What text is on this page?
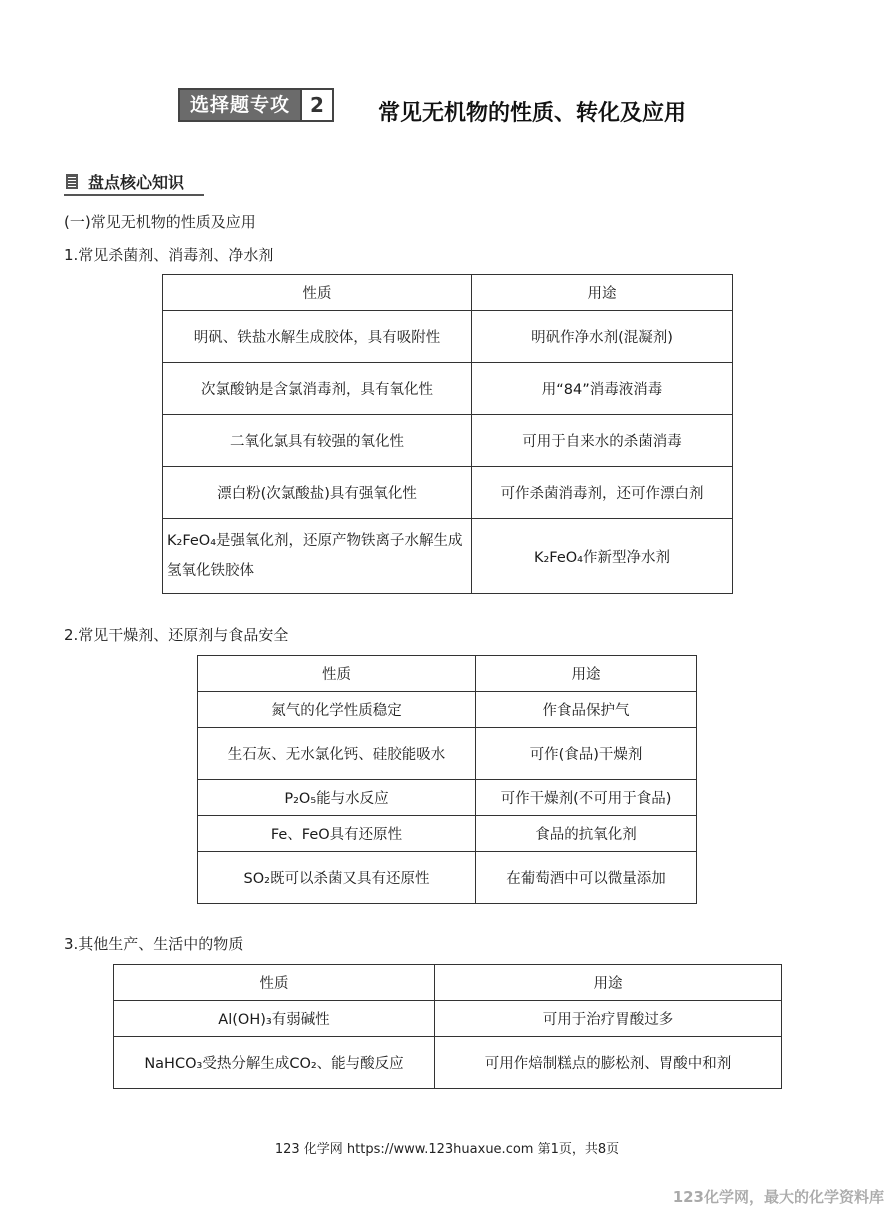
选择题专攻	2	常见无机物的性质、转化及应用
盘点核心知识
(一)常见无机物的性质及应用
1.常见杀菌剂、消毒剂、净水剂
性质	用途
明矾、铁盐水解生成胶体，具有吸附性	明矾作净水剂(混凝剂)
次氯酸钠是含氯消毒剂，具有氧化性	用“84”消毒液消毒
二氧化氯具有较强的氧化性	可用于自来水的杀菌消毒
漂白粉(次氯酸盐)具有强氧化性	可作杀菌消毒剂，还可作漂白剂
K₂FeO₄是强氧化剂，还原产物铁离子水解生成氢氧化铁胶体	K₂FeO₄作新型净水剂
2.常见干燥剂、还原剂与食品安全
性质	用途
氮气的化学性质稳定	作食品保护气
生石灰、无水氯化钙、硅胶能吸水	可作(食品)干燥剂
P₂O₅能与水反应	可作干燥剂(不可用于食品)
Fe、FeO具有还原性	食品的抗氧化剂
SO₂既可以杀菌又具有还原性	在葡萄酒中可以微量添加
3.其他生产、生活中的物质
性质	用途
Al(OH)₃有弱碱性	可用于治疗胃酸过多
NaHCO₃受热分解生成CO₂、能与酸反应	可用作焙制糕点的膨松剂、胃酸中和剂
123 化学网 https://www.123huaxue.com 第1页，共8页
123化学网，最大的化学资料库
